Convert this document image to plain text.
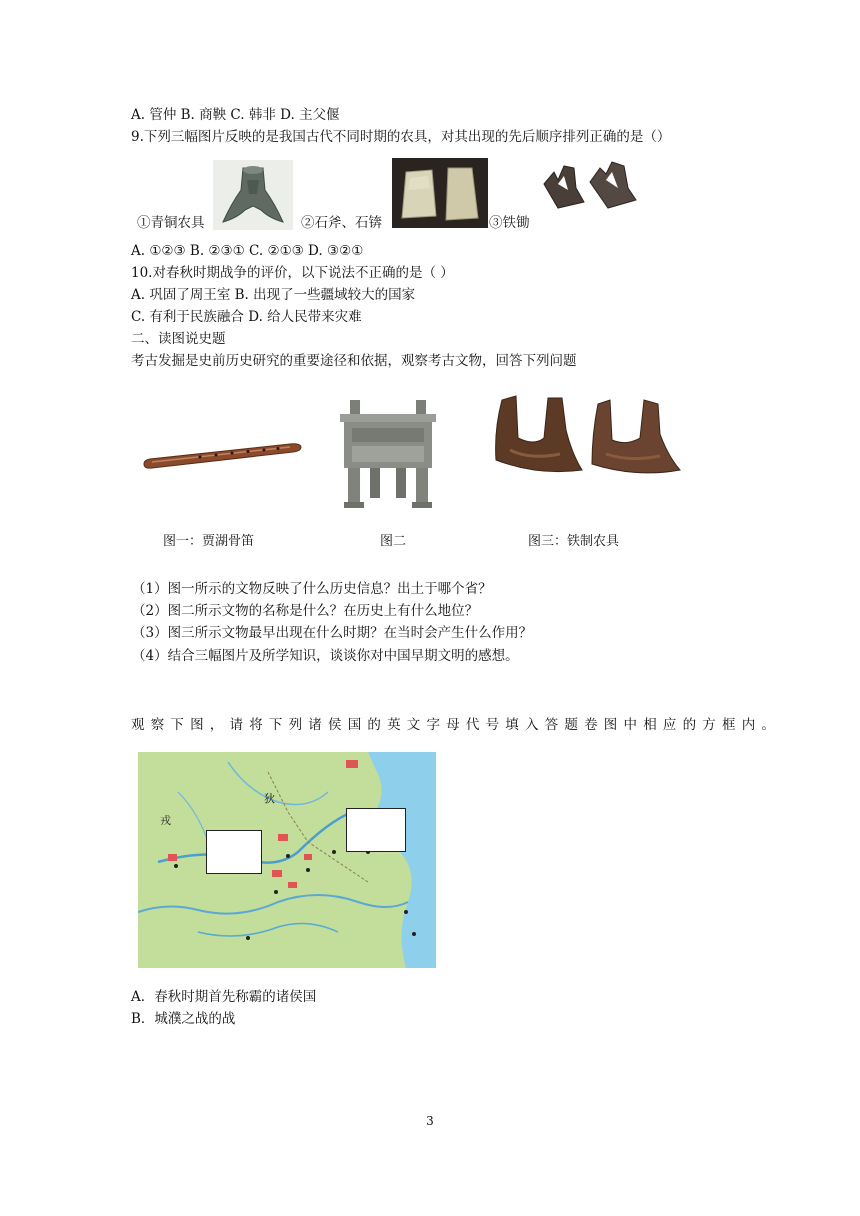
A. 管仲 B. 商鞅 C. 韩非 D. 主父偃
9.下列三幅图片反映的是我国古代不同时期的农具，对其出现的先后顺序排列正确的是（）
①青铜农具	②石斧、石锛	③铁锄
A. ①②③ B. ②③① C. ②①③ D. ③②①
10.对春秋时期战争的评价，以下说法不正确的是（ ）
A. 巩固了周王室 B. 出现了一些疆域较大的国家
C. 有利于民族融合 D. 给人民带来灾难
二、读图说史题
考古发掘是史前历史研究的重要途径和依据，观察考古文物，回答下列问题
图一：贾湖骨笛	图二	图三：铁制农具
（1）图一所示的文物反映了什么历史信息？出土于哪个省？
（2）图二所示文物的名称是什么？在历史上有什么地位？
（3）图三所示文物最早出现在什么时期？在当时会产生什么作用？
（4）结合三幅图片及所学知识，谈谈你对中国早期文明的感想。
观察下图，请将下列诸侯国的英文字母代号填入答题卷图中相应的方框内。
狄
戎
A．春秋时期首先称霸的诸侯国
B．城濮之战的战
3
